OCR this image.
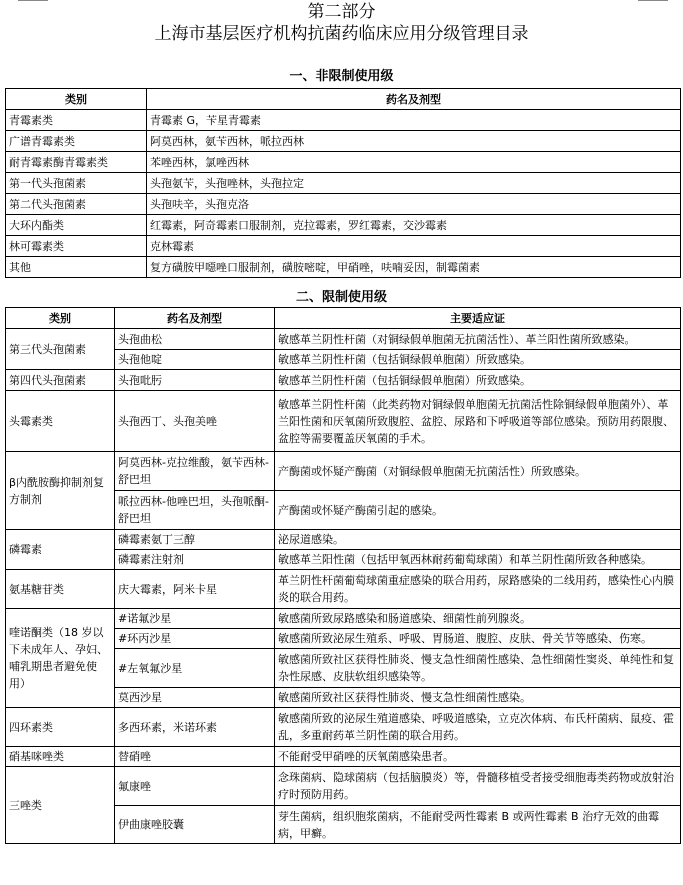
第二部分
上海市基层医疗机构抗菌药临床应用分级管理目录
一、非限制使用级
类别	药名及剂型
青霉素类	青霉素 G，苄星青霉素
广谱青霉素类	阿莫西林，氨苄西林，哌拉西林
耐青霉素酶青霉素类	苯唑西林，氯唑西林
第一代头孢菌素	头孢氨苄，头孢唑林，头孢拉定
第二代头孢菌素	头孢呋辛，头孢克洛
大环内酯类	红霉素，阿奇霉素口服制剂，克拉霉素，罗红霉素，交沙霉素
林可霉素类	克林霉素
其他	复方磺胺甲噁唑口服制剂，磺胺嘧啶，甲硝唑，呋喃妥因，制霉菌素
二、限制使用级
类别	药名及剂型	主要适应证
第三代头孢菌素	头孢曲松	敏感革兰阴性杆菌（对铜绿假单胞菌无抗菌活性）、革兰阳性菌所致感染。
	头孢他啶	敏感革兰阴性杆菌（包括铜绿假单胞菌）所致感染。
第四代头孢菌素	头孢吡肟	敏感革兰阴性杆菌（包括铜绿假单胞菌）所致感染。
头霉素类	头孢西丁、头孢美唑	敏感革兰阴性杆菌（此类药物对铜绿假单胞菌无抗菌活性除铜绿假单胞菌外）、革兰阳性菌和厌氧菌所致腹腔、盆腔、尿路和下呼吸道等部位感染。预防用药限腹、盆腔等需要覆盖厌氧菌的手术。
β内酰胺酶抑制剂复方制剂	阿莫西林-克拉维酸，氨苄西林-舒巴坦	产酶菌或怀疑产酶菌（对铜绿假单胞菌无抗菌活性）所致感染。
	哌拉西林-他唑巴坦，头孢哌酮-舒巴坦	产酶菌或怀疑产酶菌引起的感染。
磷霉素	磷霉素氨丁三醇	泌尿道感染。
	磷霉素注射剂	敏感革兰阳性菌（包括甲氧西林耐药葡萄球菌）和革兰阴性菌所致各种感染。
氨基糖苷类	庆大霉素，阿米卡星	革兰阴性杆菌葡萄球菌重症感染的联合用药，尿路感染的二线用药，感染性心内膜炎的联合用药。
喹诺酮类（18 岁以下未成年人、孕妇、哺乳期患者避免使用）	#诺氟沙星	敏感菌所致尿路感染和肠道感染、细菌性前列腺炎。
	#环丙沙星	敏感菌所致泌尿生殖系、呼吸、胃肠道、腹腔、皮肤、骨关节等感染、伤寒。
	#左氧氟沙星	敏感菌所致社区获得性肺炎、慢支急性细菌性感染、急性细菌性窦炎、单纯性和复杂性尿感、皮肤软组织感染等。
	莫西沙星	敏感菌所致社区获得性肺炎、慢支急性细菌性感染。
四环素类	多西环素，米诺环素	敏感菌所致的泌尿生殖道感染、呼吸道感染，立克次体病、布氏杆菌病、鼠疫、霍乱，多重耐药革兰阴性菌的联合用药。
硝基咪唑类	替硝唑	不能耐受甲硝唑的厌氧菌感染患者。
三唑类	氟康唑	念珠菌病、隐球菌病（包括脑膜炎）等，骨髓移植受者接受细胞毒类药物或放射治疗时预防用药。
	伊曲康唑胶囊	芽生菌病，组织胞浆菌病，不能耐受两性霉素 B 或两性霉素 B 治疗无效的曲霉病，甲癣。
